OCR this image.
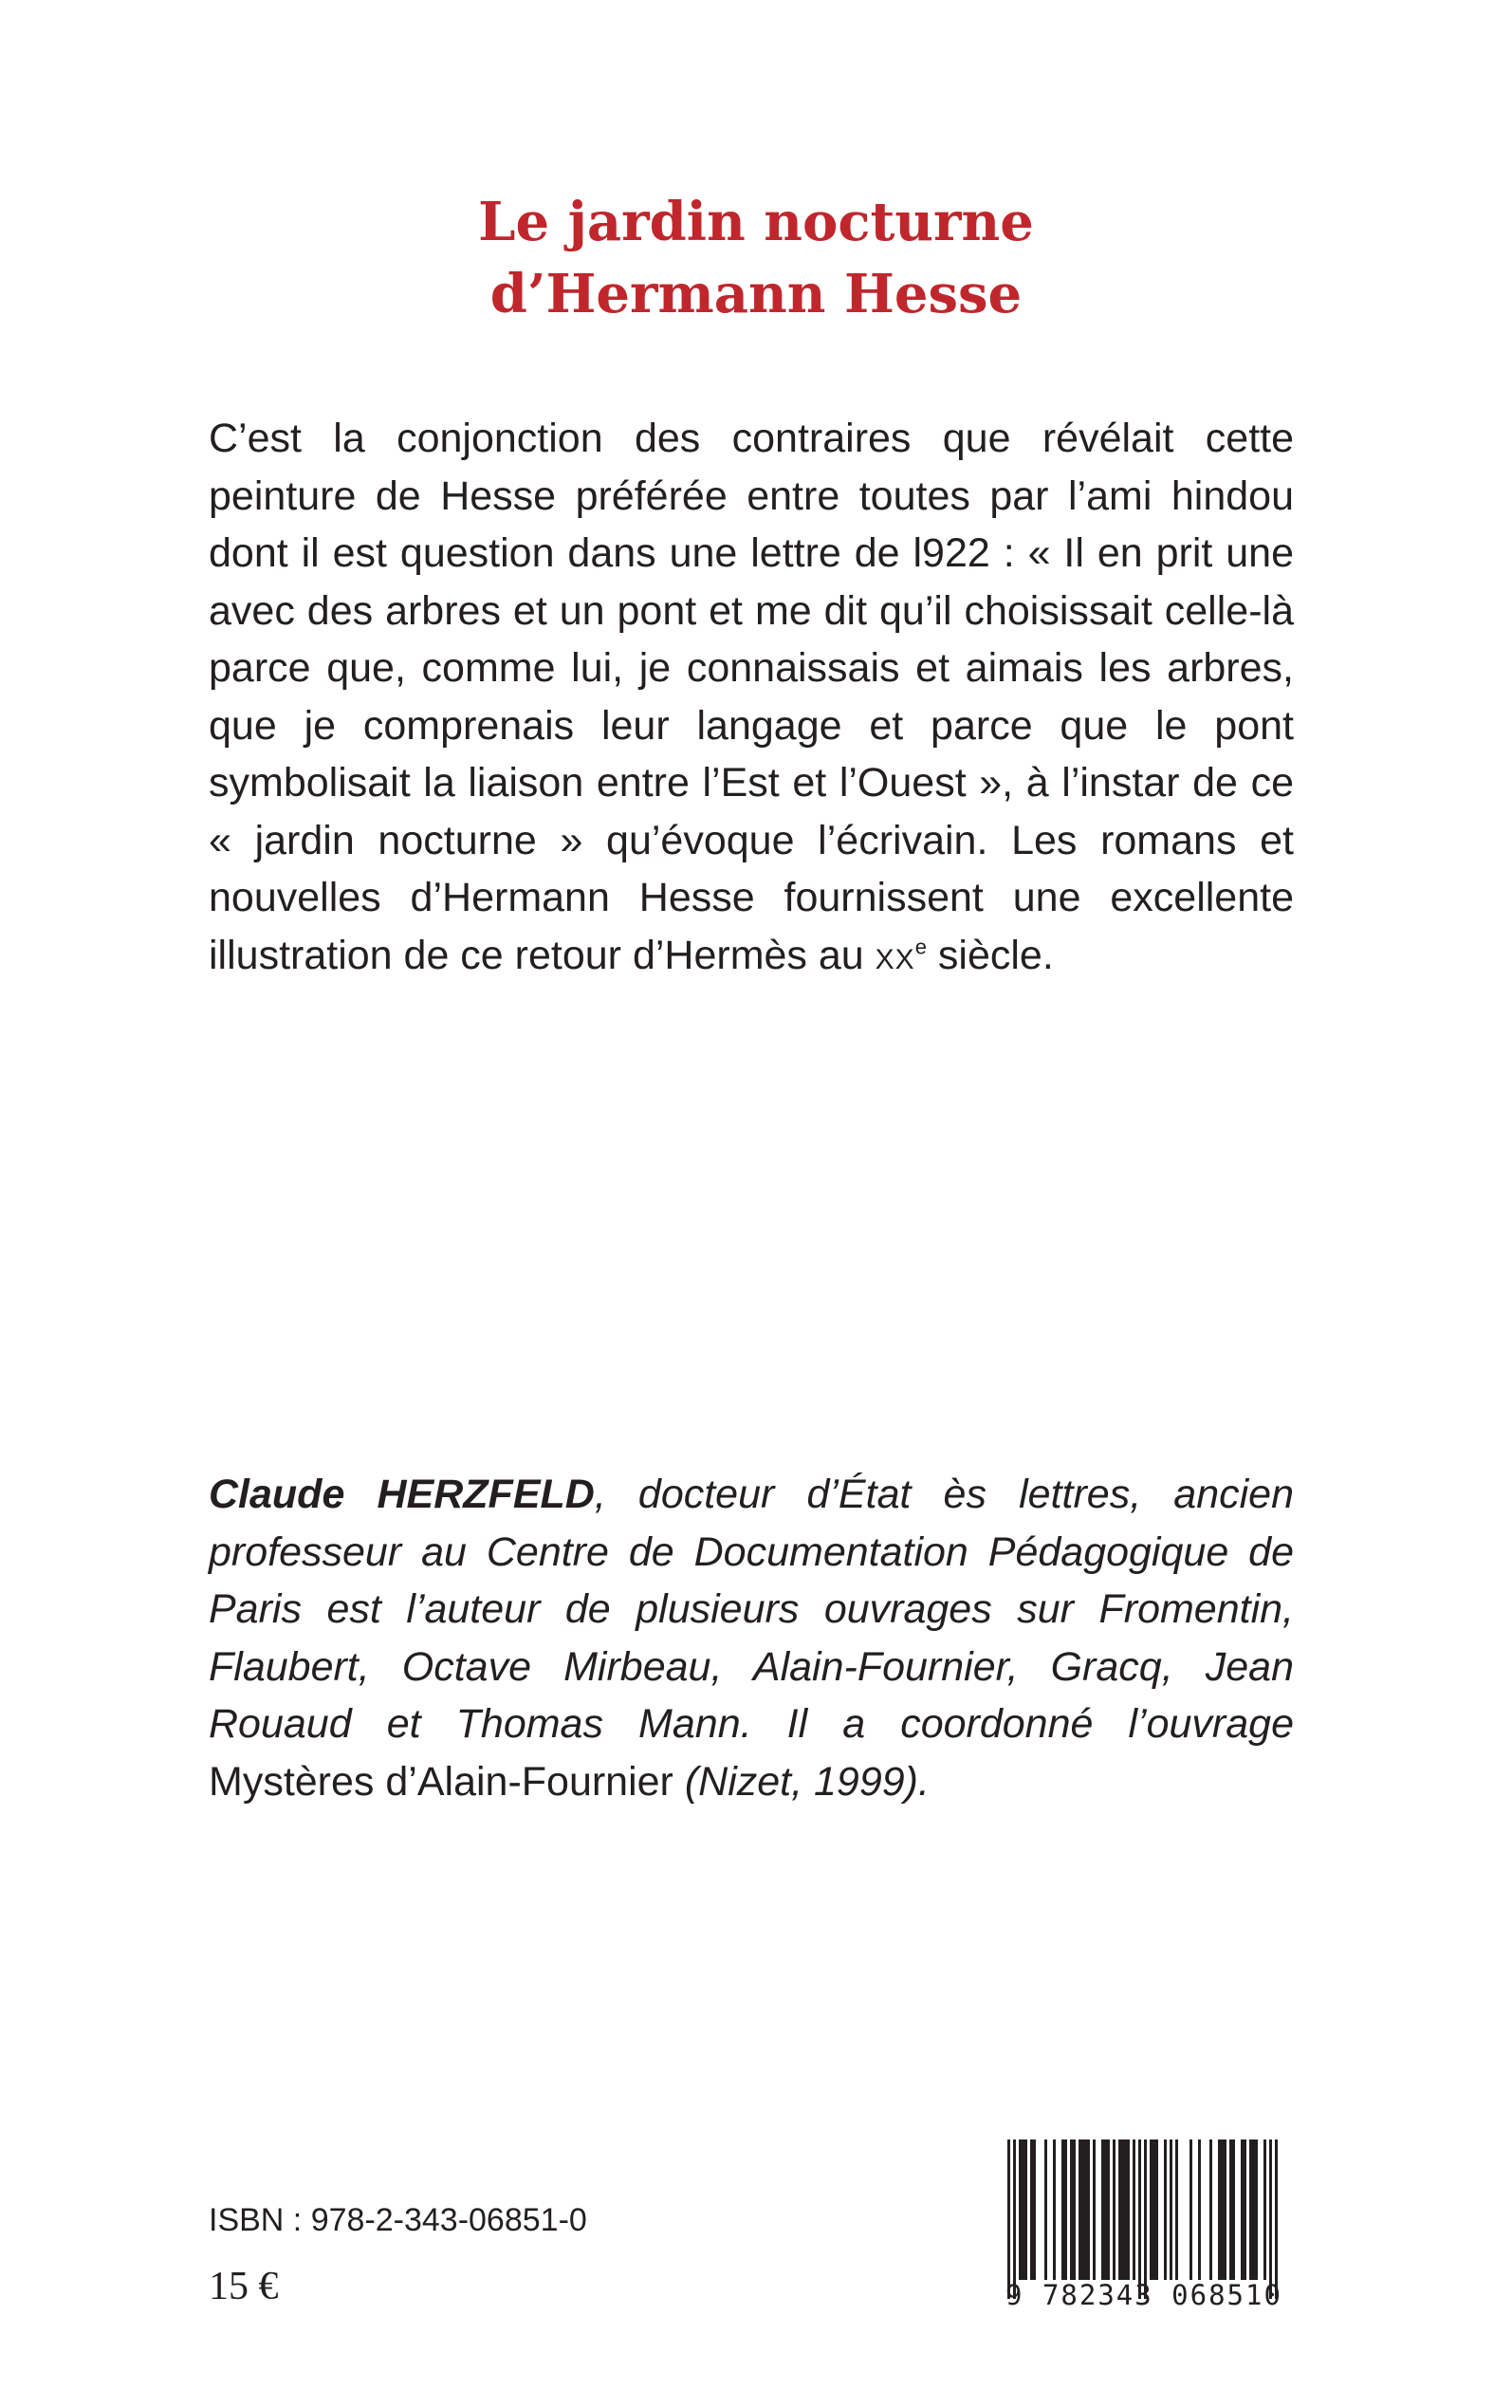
Le jardin nocturne
d’Hermann Hesse

C’est la conjonction des contraires que révélait cette peinture de Hesse préférée entre toutes par l’ami hindou dont il est question dans une lettre de l922 : « Il en prit une avec des arbres et un pont et me dit qu’il choisissait celle-là parce que, comme lui, je connaissais et aimais les arbres, que je comprenais leur langage et parce que le pont symbolisait la liaison entre l’Est et l’Ouest », à l’instar de ce « jardin nocturne » qu’évoque l’écrivain. Les romans et nouvelles d’Hermann Hesse fournissent une excellente illustration de ce retour d’Hermès au XXe siècle.

Claude HERZFELD, docteur d’État ès lettres, ancien professeur au Centre de Documentation Pédagogique de Paris est l’auteur de plusieurs ouvrages sur Fromentin, Flaubert, Octave Mirbeau, Alain-Fournier, Gracq, Jean Rouaud et Thomas Mann. Il a coordonné l’ouvrage Mystères d’Alain-Fournier (Nizet, 1999).

ISBN : 978-2-343-06851-0
15 €	9 782343 068510
